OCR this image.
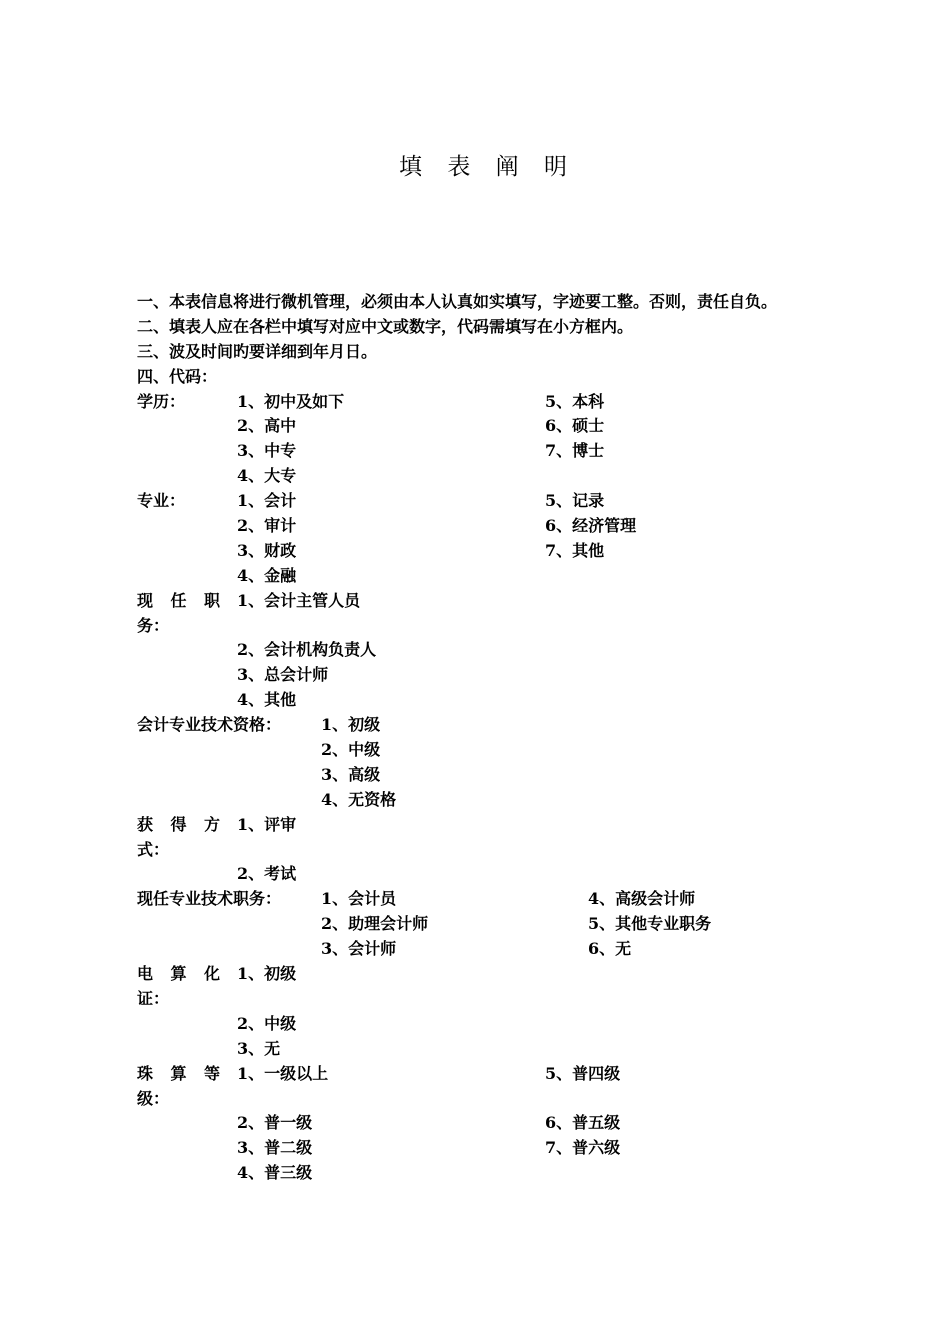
填 表 阐 明
一、本表信息将进行微机管理，必须由本人认真如实填写，字迹要工整。否则，责任自负。
二、填表人应在各栏中填写对应中文或数字，代码需填写在小方框内。
三、波及时间旳要详细到年月日。
四、代码：
学历：	1、初中及如下	5、本科
2、高中	6、硕士
3、中专	7、博士
4、大专
专业：	1、会计	5、记录
2、审计	6、经济管理
3、财政	7、其他
4、金融
现 任 职 1、会计主管人员
务：
2、会计机构负责人
3、总会计师
4、其他
会计专业技术资格： 1、初级
2、中级
3、高级
4、无资格
获 得 方 1、评审
式：
2、考试
现任专业技术职务： 1、会计员	4、高级会计师
2、助理会计师	5、其他专业职务
3、会计师	6、无
电 算 化 1、初级
证：
2、中级
3、无
珠 算 等 1、一级以上	5、普四级
级：
2、普一级	6、普五级
3、普二级	7、普六级
4、普三级
